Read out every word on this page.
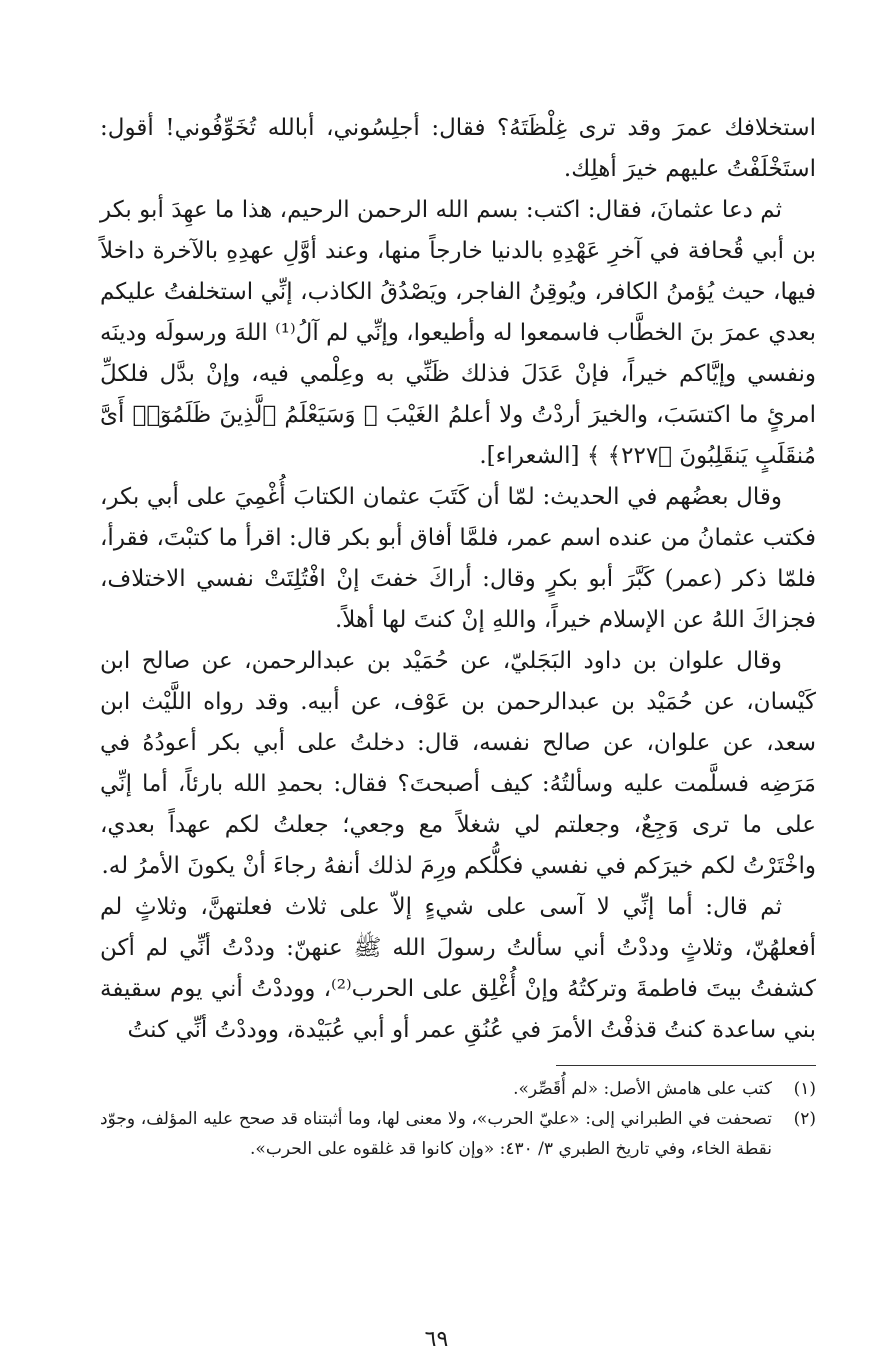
استخلافك عمرَ وقد ترى غِلْظَتَهُ؟ فقال: أجلِسُوني، أبالله تُخَوِّفُوني! أقول: استَخْلَفْتُ عليهم خيرَ أهلِك.

ثم دعا عثمانَ، فقال: اكتب: بسم الله الرحمن الرحيم، هذا ما عهِدَ أبو بكر بن أبي قُحافة في آخرِ عَهْدِهِ بالدنيا خارجاً منها، وعند أوَّلِ عهدِهِ بالآخرة داخلاً فيها، حيث يُؤمنُ الكافر، ويُوقِنُ الفاجر، ويَصْدُقُ الكاذب، إنِّي استخلفتُ عليكم بعدي عمرَ بنَ الخطَّاب فاسمعوا له وأطيعوا، وإنِّي لم آلُ⁽¹⁾ اللهَ ورسولَه ودينَه ونفسي وإيَّاكم خيراً، فإنْ عَدَلَ فذلك ظَنِّي به وعِلْمي فيه، وإنْ بدَّل فلكلِّ امرئٍ ما اكتسَبَ، والخيرَ أردْتُ ولا أعلمُ الغَيْبَ ﴿ وَسَيَعْلَمُ ٱلَّذِينَ ظَلَمُوٓا۟ أَىَّ مُنقَلَبٍ يَنقَلِبُونَ ﴿٢٢٧﴾ ﴾ [الشعراء].

وقال بعضُهم في الحديث: لمّا أن كَتَبَ عثمان الكتابَ أُغْمِيَ على أبي بكر، فكتب عثمانُ من عنده اسم عمر، فلمَّا أفاق أبو بكر قال: اقرأ ما كتبْتَ، فقرأ، فلمّا ذكر (عمر) كَبَّرَ أبو بكرٍ وقال: أراكَ خفتَ إنْ افْتُلِتَتْ نفسي الاختلاف، فجزاكَ اللهُ عن الإسلام خيراً، واللهِ إنْ كنتَ لها أهلاً.

وقال علوان بن داود البَجَليّ، عن حُمَيْد بن عبدالرحمن، عن صالح ابن كَيْسان، عن حُمَيْد بن عبدالرحمن بن عَوْف، عن أبيه. وقد رواه اللَّيْث ابن سعد، عن علوان، عن صالح نفسه، قال: دخلتُ على أبي بكر أعودُهُ في مَرَضِه فسلَّمت عليه وسألتُهُ: كيف أصبحتَ؟ فقال: بحمدِ الله بارئاً، أما إنِّي على ما ترى وَجِعٌ، وجعلتم لي شغلاً مع وجعي؛ جعلتُ لكم عهداً بعدي، واخْتَرْتُ لكم خيرَكم في نفسي فكلُّكم ورِمَ لذلك أنفهُ رجاءَ أنْ يكونَ الأمرُ له.

ثم قال: أما إنِّي لا آسى على شيءٍ إلاّ على ثلاث فعلتهنَّ، وثلاثٍ لم أفعلهُنّ، وثلاثٍ وددْتُ أني سألتُ رسولَ الله ﷺ عنهنّ: وددْتُ أنِّي لم أكن كشفتُ بيتَ فاطمةَ وتركتُهُ وإنْ أُغْلِق على الحرب⁽²⁾، ووددْتُ أني يوم سقيفة بني ساعدة كنتُ قذفْتُ الأمرَ في عُنُقِ عمر أو أبي عُبَيْدة، ووددْتُ أنِّي كنتُ

(١)
كتب على هامش الأصل: «لم أُقَصِّر».
(٢)
تصحفت في الطبراني إلى: «عليّ الحرب»، ولا معنى لها، وما أثبتناه قد صحح عليه المؤلف، وجوّد نقطة الخاء، وفي تاريخ الطبري ٣/ ٤٣٠: «وإن كانوا قد غلقوه على الحرب».
٦٩
